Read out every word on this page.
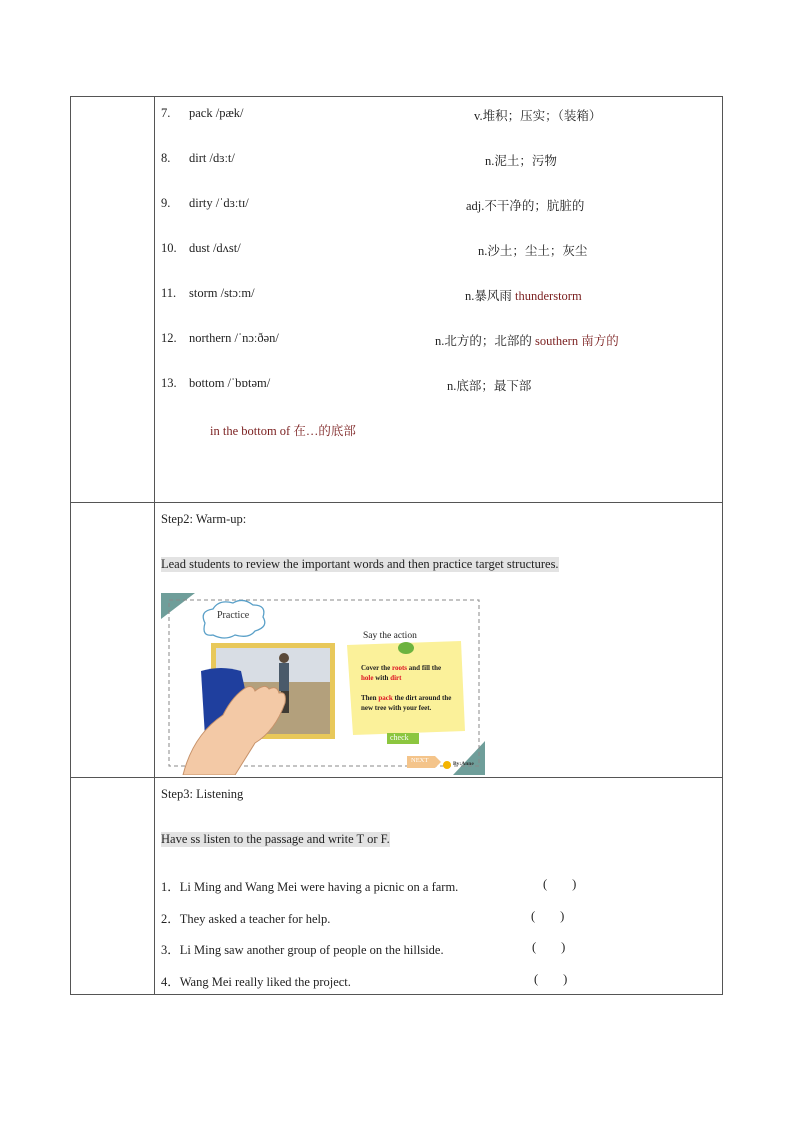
7. pack /pæk/	v.堆积；压实；（装箱）
8. dirt /dɜːt/	n.泥土；污物
9. dirty /ˈdɜːtɪ/	adj.不干净的；肮脏的
10. dust /dʌst/	n.沙土；尘土；灰尘
11. storm /stɔːm/	n.暴风雨 thunderstorm
12. northern /ˈnɔːðən/	n.北方的；北部的 southern 南方的
13. bottom /ˈbɒtəm/	n.底部；最下部
in the bottom of 在…的底部
Step2: Warm-up:
Lead students to review the important words and then practice target structures.
Practice
Say the action
Cover the roots and fill the
hole with dirt
Then pack the dirt around the
new tree with your feet.
check
NEXT	By:Anne
Step3: Listening
Have ss listen to the passage and write T or F.
1．Li Ming and Wang Mei were having a picnic on a farm.	(        )
2．They asked a teacher for help.	(        )
3．Li Ming saw another group of people on the hillside.	(        )
4．Wang Mei really liked the project.	(        )
